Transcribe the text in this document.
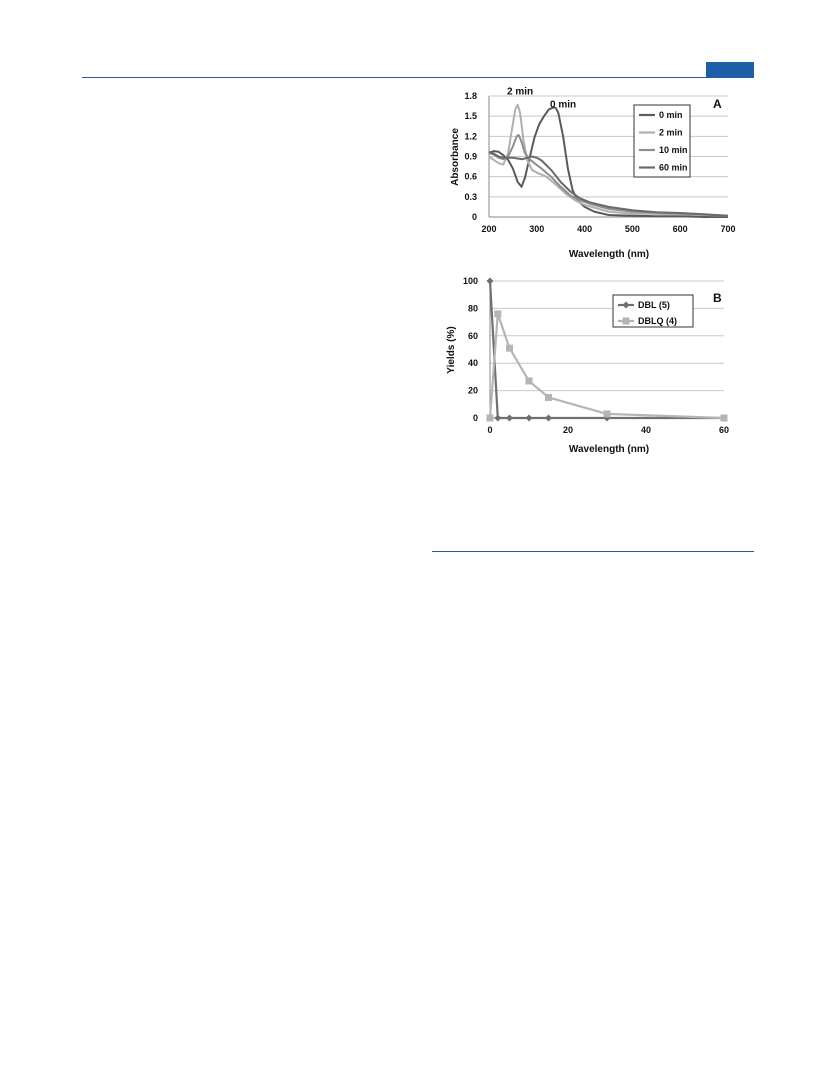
0
0.3
0.6
0.9
1.2
1.5
1.8
200	300	400	500	600	700
Wavelength (nm)
Absorbance
2 min
0 min
0 min
2 min
10 min
60 min
A
0
20
40
60
80
100
0	20	40	60
Wavelength (nm)
Yields (%)
DBL (5)
DBLQ (4)
B
